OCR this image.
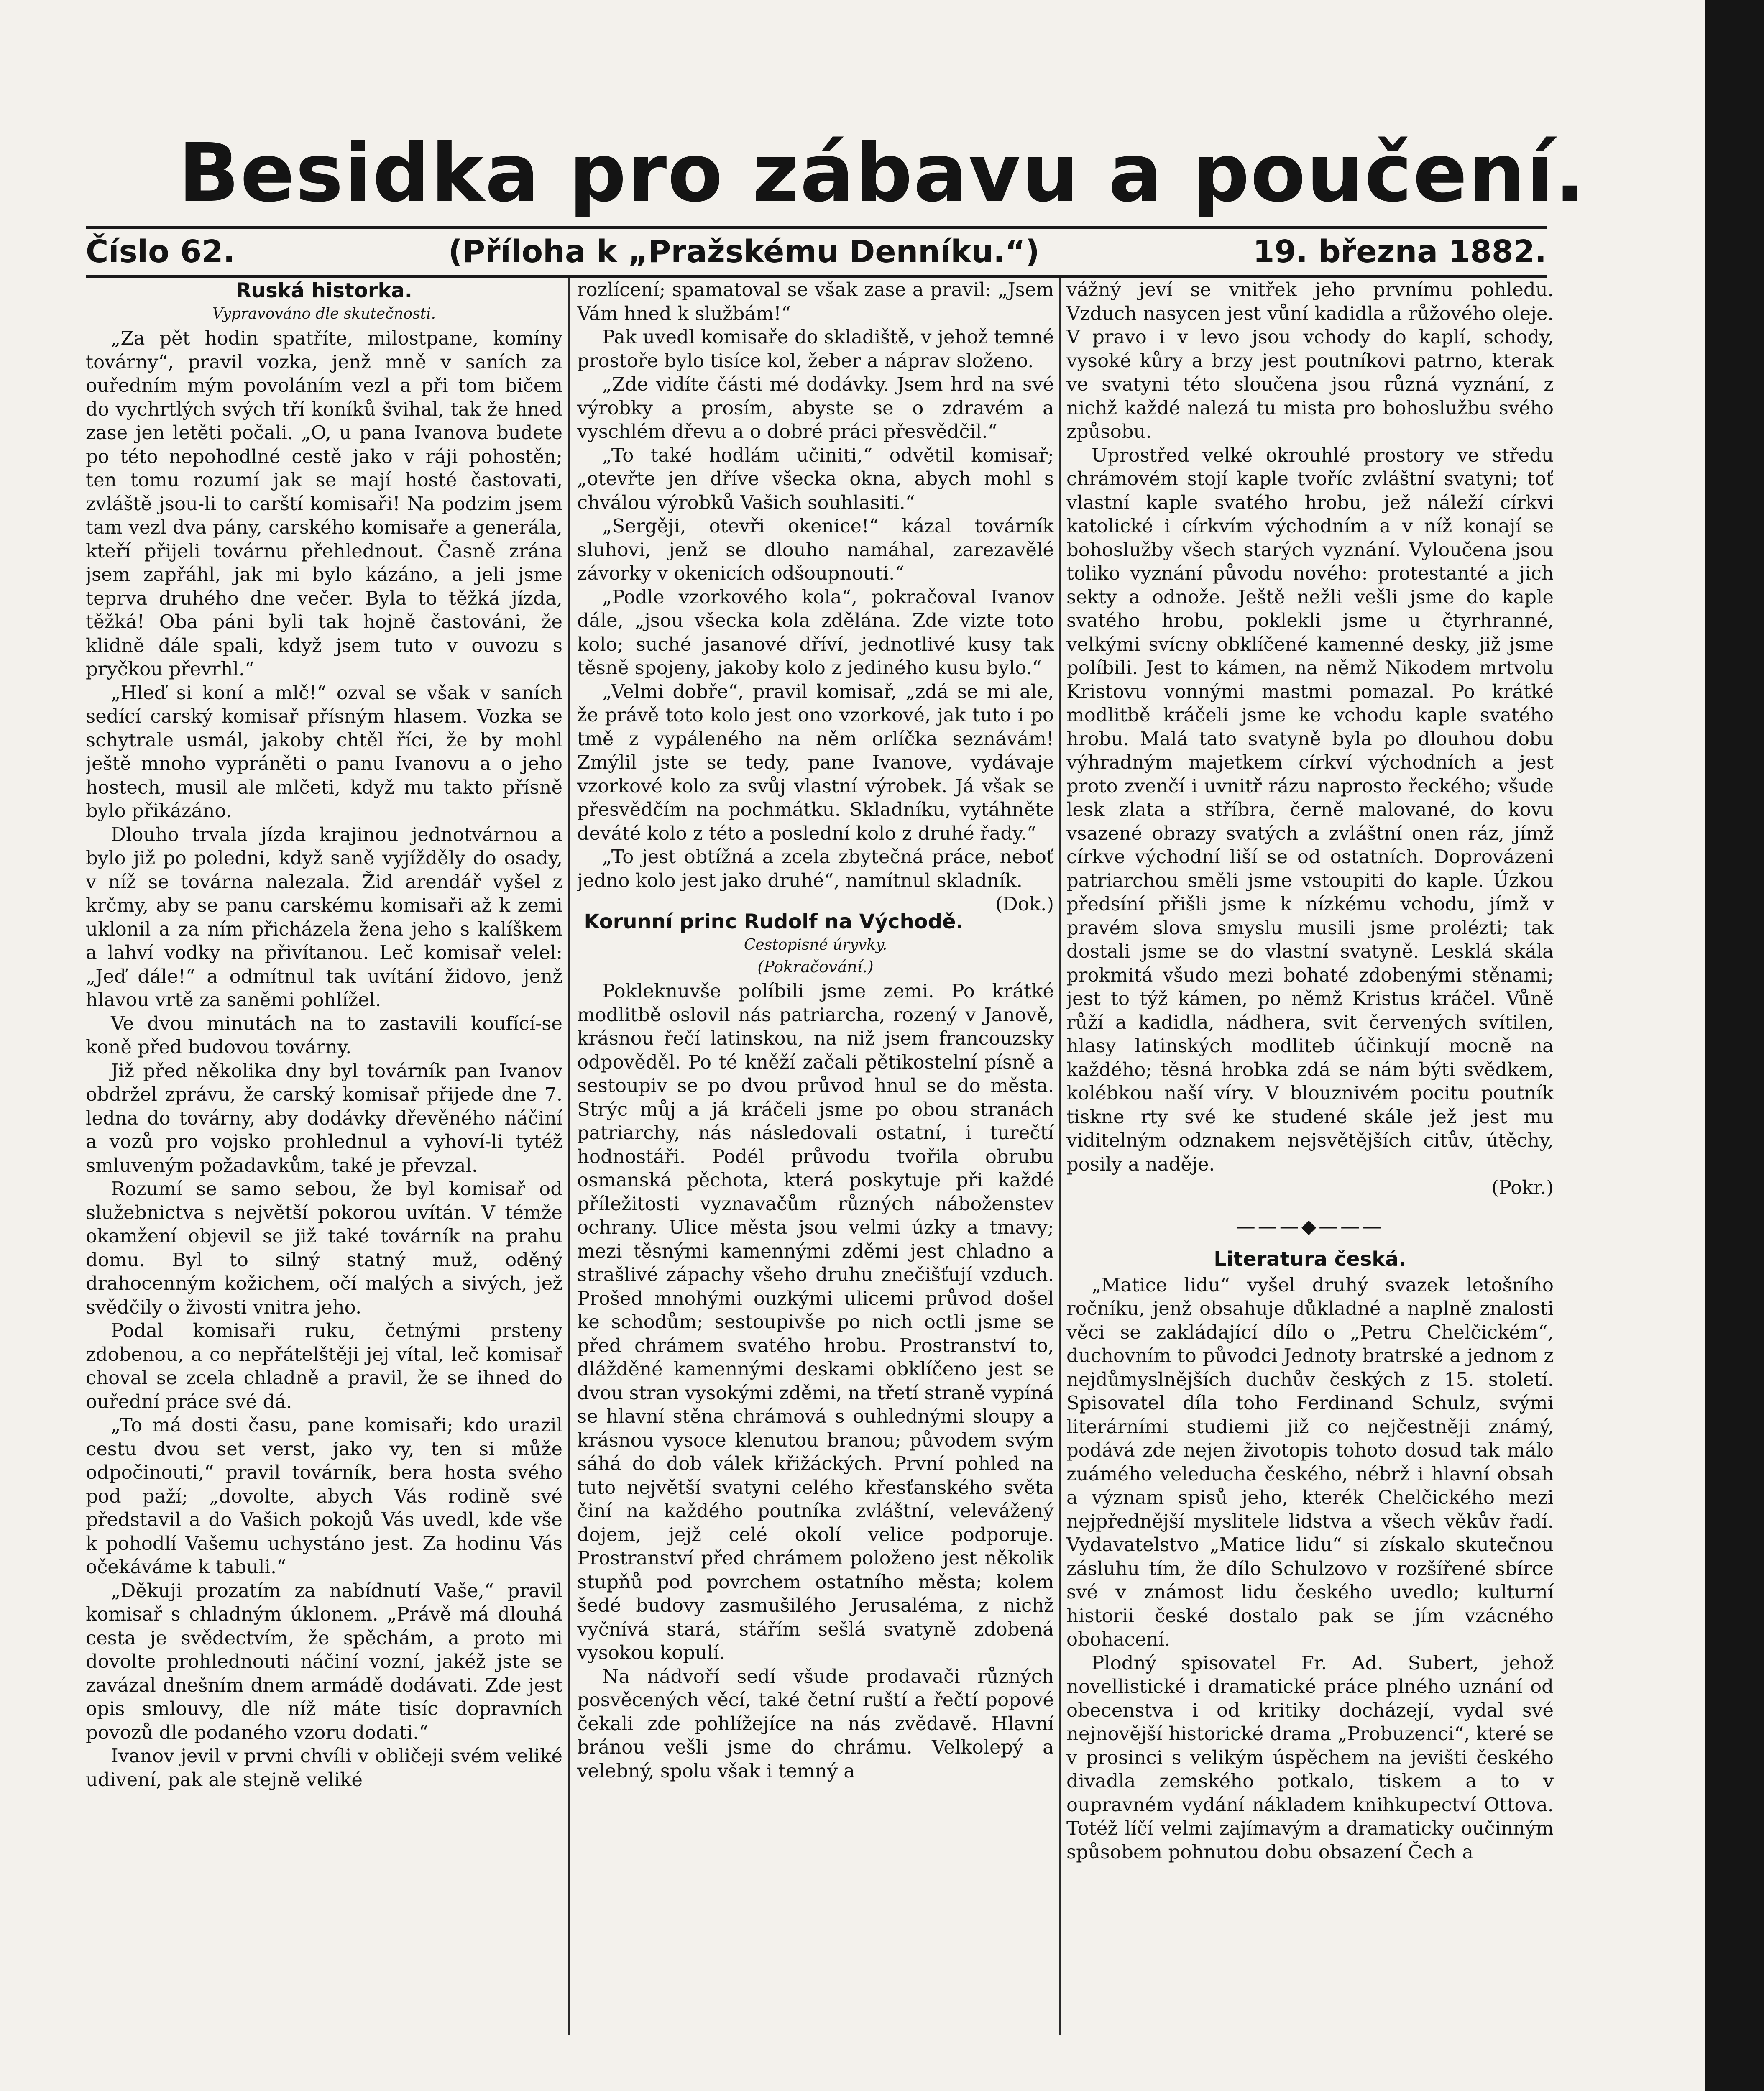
Besidka pro zábavu a poučení.
Číslo 62.	(Příloha k „Pražskému Denníku.“)	19. března 1882.
Ruská historka.
Vypravováno dle skutečnosti.

„Za pět hodin spatříte, milostpane, komíny továrny“, pravil vozka, jenž mně v saních za ouředním mým povoláním vezl a při tom bičem do vychrtlých svých tří koníků švihal, tak že hned zase jen letěti počali. „O, u pana Ivanova budete po této nepohodlné cestě jako v ráji pohostěn; ten tomu rozumí jak se mají hosté častovati, zvláště jsou-li to carští komisaři! Na podzim jsem tam vezl dva pány, carského komisaře a generála, kteří přijeli továrnu přehlednout. Časně zrána jsem zapřáhl, jak mi bylo kázáno, a jeli jsme teprva druhého dne večer. Byla to těžká jízda, těžká! Oba páni byli tak hojně častováni, že klidně dále spali, když jsem tuto v ouvozu s pryčkou převrhl.“

„Hleď si koní a mlč!“ ozval se však v saních sedící carský komisař přísným hlasem. Vozka se schytrale usmál, jakoby chtěl říci, že by mohl ještě mnoho vypráněti o panu Ivanovu a o jeho hostech, musil ale mlčeti, když mu takto přísně bylo přikázáno.

Dlouho trvala jízda krajinou jednotvárnou a bylo již po poledni, když saně vyjížděly do osady, v níž se továrna nalezala. Žid arendář vyšel z krčmy, aby se panu carskému komisaři až k zemi uklonil a za ním přicházela žena jeho s kalíškem a lahví vodky na přivítanou. Leč komisař velel: „Jeď dále!“ a odmítnul tak uvítání židovo, jenž hlavou vrtě za saněmi pohlížel.

Ve dvou minutách na to zastavili koufící-se koně před budovou továrny.

Již před několika dny byl továrník pan Ivanov obdržel zprávu, že carský komisař přijede dne 7. ledna do továrny, aby dodávky dřevěného náčiní a vozů pro vojsko prohlednul a vyhoví-li tytéž smluveným požadavkům, také je převzal.

Rozumí se samo sebou, že byl komisař od služebnictva s největší pokorou uvítán. V témže okamžení objevil se již také továrník na prahu domu. Byl to silný statný muž, oděný drahocenným kožichem, očí malých a sivých, jež svědčily o živosti vnitra jeho.

Podal komisaři ruku, četnými prsteny zdobenou, a co nepřátelštěji jej vítal, leč komisař choval se zcela chladně a pravil, že se ihned do ouřední práce své dá.

„To má dosti času, pane komisaři; kdo urazil cestu dvou set verst, jako vy, ten si může odpočinouti,“ pravil továrník, bera hosta svého pod paží; „dovolte, abych Vás rodině své představil a do Vašich pokojů Vás uvedl, kde vše k pohodlí Vašemu uchystáno jest. Za hodinu Vás očekáváme k tabuli.“

„Děkuji prozatím za nabídnutí Vaše,“ pravil komisař s chladným úklonem. „Právě má dlouhá cesta je svědectvím, že spěchám, a proto mi dovolte prohlednouti náčiní vozní, jakéž jste se zavázal dnešním dnem armádě dodávati. Zde jest opis smlouvy, dle níž máte tisíc dopravních povozů dle podaného vzoru dodati.“

Ivanov jevil v prvni chvíli v obličeji svém veliké udivení, pak ale stejně veliké

rozlícení; spamatoval se však zase a pravil: „Jsem Vám hned k službám!“

Pak uvedl komisaře do skladiště, v jehož temné prostoře bylo tisíce kol, žeber a náprav složeno.

„Zde vidíte části mé dodávky. Jsem hrd na své výrobky a prosím, abyste se o zdravém a vyschlém dřevu a o dobré práci přesvědčil.“

„To také hodlám učiniti,“ odvětil komisař; „otevřte jen dříve všecka okna, abych mohl s chválou výrobků Vašich souhlasiti.“

„Sergěji, otevři okenice!“ kázal továrník sluhovi, jenž se dlouho namáhal, zarezavělé závorky v okenicích odšoupnouti.“

„Podle vzorkového kola“, pokračoval Ivanov dále, „jsou všecka kola zdělána. Zde vizte toto kolo; suché jasanové dříví, jednotlivé kusy tak těsně spojeny, jakoby kolo z jediného kusu bylo.“

„Velmi dobře“, pravil komisař, „zdá se mi ale, že právě toto kolo jest ono vzorkové, jak tuto i po tmě z vypáleného na něm orlíčka seznávám! Zmýlil jste se tedy, pane Ivanove, vydávaje vzorkové kolo za svůj vlastní výrobek. Já však se přesvědčím na pochmátku. Skladníku, vytáhněte deváté kolo z této a poslední kolo z druhé řady.“

„To jest obtížná a zcela zbytečná práce, neboť jedno kolo jest jako druhé“, namítnul skladník.
(Dok.)

Korunní princ Rudolf na Východě.
Cestopisné úryvky.
(Pokračování.)

Pokleknuvše políbili jsme zemi. Po krátké modlitbě oslovil nás patriarcha, rozený v Janově, krásnou řečí latinskou, na niž jsem francouzsky odpověděl. Po té kněží začali pětikostelní písně a sestoupiv se po dvou průvod hnul se do města. Strýc můj a já kráčeli jsme po obou stranách patriarchy, nás následovali ostatní, i turečtí hodnostáři. Podél průvodu tvořila obrubu osmanská pěchota, která poskytuje při každé příležitosti vyznavačům různých náboženstev ochrany. Ulice města jsou velmi úzky a tmavy; mezi těsnými kamennými zděmi jest chladno a strašlivé zápachy všeho druhu znečišťují vzduch. Prošed mnohými ouzkými ulicemi průvod došel ke schodům; sestoupivše po nich octli jsme se před chrámem svatého hrobu. Prostranství to, dlážděné kamennými deskami obklíčeno jest se dvou stran vysokými zděmi, na třetí straně vypíná se hlavní stěna chrámová s ouhlednými sloupy a krásnou vysoce klenutou branou; původem svým sáhá do dob válek křižáckých. První pohled na tuto největší svatyni celého křesťanského světa činí na každého poutníka zvláštní, velevážený dojem, jejž celé okolí velice podporuje. Prostranství před chrámem položeno jest několik stupňů pod povrchem ostatního města; kolem šedé budovy zasmušilého Jerusaléma, z nichž vyčnívá stará, stářím sešlá svatyně zdobená vysokou kopulí.

Na nádvoří sedí všude prodavači různých posvěcených věcí, také četní ruští a řečtí popové čekali zde pohlížejíce na nás zvědavě. Hlavní bránou vešli jsme do chrámu. Velkolepý a velebný, spolu však i temný a

vážný jeví se vnitřek jeho prvnímu pohledu. Vzduch nasycen jest vůní kadidla a růžového oleje. V pravo i v levo jsou vchody do kaplí, schody, vysoké kůry a brzy jest poutníkovi patrno, kterak ve svatyni této sloučena jsou různá vyznání, z nichž každé nalezá tu mista pro bohoslužbu svého způsobu.

Uprostřed velké okrouhlé prostory ve středu chrámovém stojí kaple tvoříc zvláštní svatyni; toť vlastní kaple svatého hrobu, jež náleží církvi katolické i církvím východním a v níž konají se bohoslužby všech starých vyznání. Vyloučena jsou toliko vyznání původu nového: protestanté a jich sekty a odnože. Ještě nežli vešli jsme do kaple svatého hrobu, poklekli jsme u čtyrhranné, velkými svícny obklíčené kamenné desky, již jsme políbili. Jest to kámen, na němž Nikodem mrtvolu Kristovu vonnými mastmi pomazal. Po krátké modlitbě kráčeli jsme ke vchodu kaple svatého hrobu. Malá tato svatyně byla po dlouhou dobu výhradným majetkem církví východních a jest proto zvenčí i uvnitř rázu naprosto řeckého; všude lesk zlata a stříbra, černě malované, do kovu vsazené obrazy svatých a zvláštní onen ráz, jímž církve východní liší se od ostatních. Doprovázeni patriarchou směli jsme vstoupiti do kaple. Úzkou předsíní přišli jsme k nízkému vchodu, jímž v pravém slova smyslu musili jsme prolézti; tak dostali jsme se do vlastní svatyně. Lesklá skála prokmitá všudo mezi bohaté zdobenými stěnami; jest to týž kámen, po němž Kristus kráčel. Vůně růží a kadidla, nádhera, svit červených svítilen, hlasy latinských modliteb účinkují mocně na každého; těsná hrobka zdá se nám býti svědkem, kolébkou naší víry. V blouznivém pocitu poutník tiskne rty své ke studené skále jež jest mu viditelným odznakem nejsvětějších citův, útěchy, posily a naděje.

(Pokr.)

———◆———
Literatura česká.

„Matice lidu“ vyšel druhý svazek letošního ročníku, jenž obsahuje důkladné a naplně znalosti věci se zakládající dílo o „Petru Chelčickém“, duchovním to původci Jednoty bratrské a jednom z nejdůmyslnějších duchův českých z 15. století. Spisovatel díla toho Ferdinand Schulz, svými literárními studiemi již co nejčestněji známý, podává zde nejen životopis tohoto dosud tak málo zuámého veleducha českého, nébrž i hlavní obsah a význam spisů jeho, kterék Chelčického mezi nejpřednější myslitele lidstva a všech věkův řadí. Vydavatelstvo „Matice lidu“ si získalo skutečnou zásluhu tím, že dílo Schulzovo v rozšířené sbírce své v známost lidu českého uvedlo; kulturní historii české dostalo pak se jím vzácného obohacení.

Plodný spisovatel Fr. Ad. Subert, jehož novellistické i dramatické práce plného uznání od obecenstva i od kritiky docházejí, vydal své nejnovější historické drama „Probuzenci“, které se v prosinci s velikým úspěchem na jevišti českého divadla zemského potkalo, tiskem a to v oupravném vydání nákladem knihkupectví Ottova. Totéž líčí velmi zajímavým a dramaticky oučinným spůsobem pohnutou dobu obsazení Čech a
